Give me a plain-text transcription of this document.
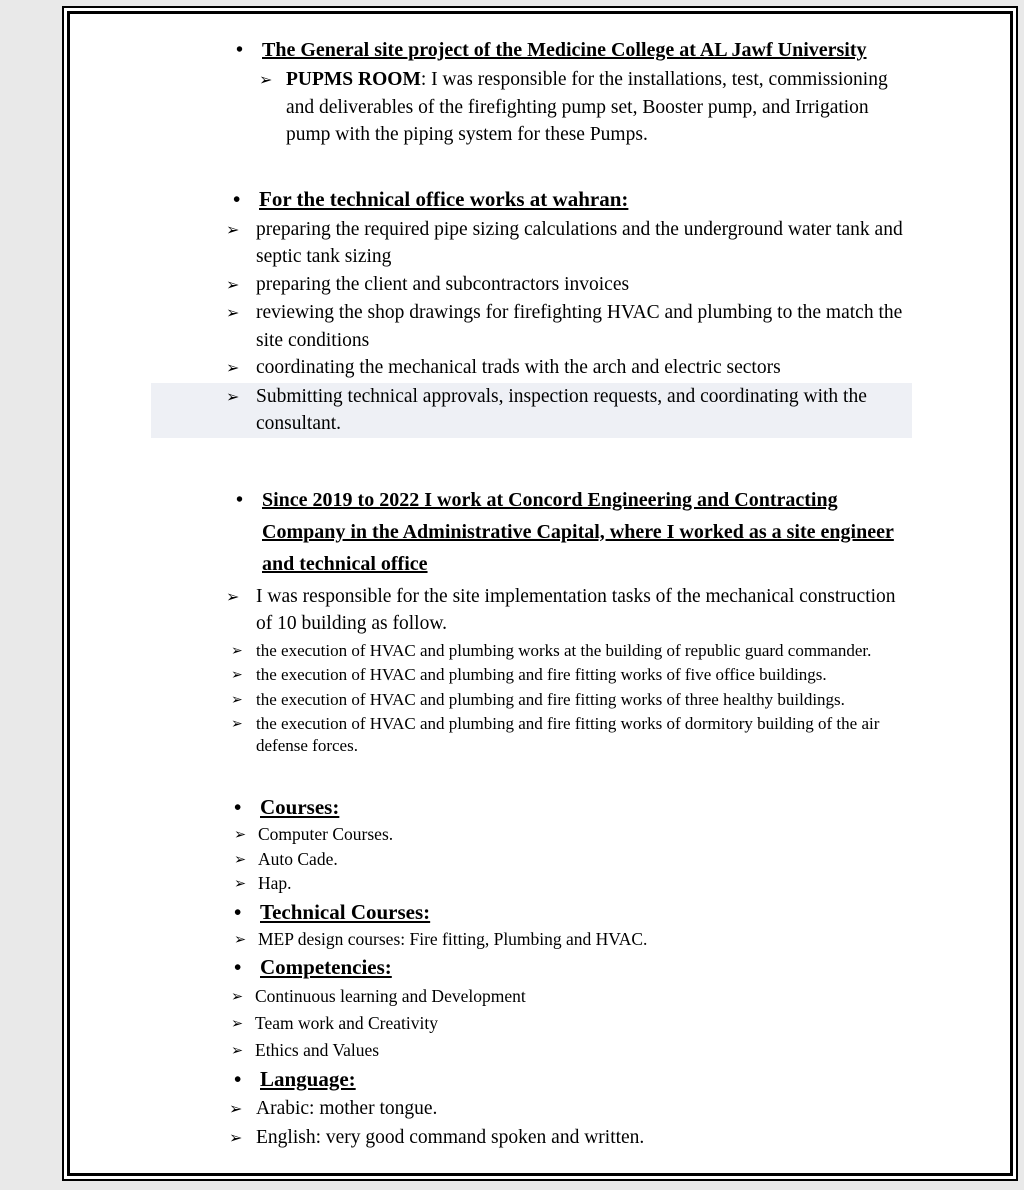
• The General site project of the Medicine College at AL Jawf University
➢ PUPMS ROOM: I was responsible for the installations, test, commissioning and deliverables of the firefighting pump set, Booster pump, and Irrigation pump with the piping system for these Pumps.
• For the technical office works at wahran:
➢ preparing the required pipe sizing calculations and the underground water tank and septic tank sizing
➢ preparing the client and subcontractors invoices
➢ reviewing the shop drawings for firefighting HVAC and plumbing to the match the site conditions
➢ coordinating the mechanical trads with the arch and electric sectors
➢ Submitting technical approvals, inspection requests, and coordinating with the consultant.
• Since 2019 to 2022 I work at Concord Engineering and Contracting Company in the Administrative Capital, where I worked as a site engineer and technical office
➢ I was responsible for the site implementation tasks of the mechanical construction of 10 building as follow.
➢ the execution of HVAC and plumbing works at the building of republic guard commander.
➢ the execution of HVAC and plumbing and fire fitting works of five office buildings.
➢ the execution of HVAC and plumbing and fire fitting works of three healthy buildings.
➢ the execution of HVAC and plumbing and fire fitting works of dormitory building of the air defense forces.
• Courses:
➢ Computer Courses.
➢ Auto Cade.
➢ Hap.
• Technical Courses:
➢ MEP design courses: Fire fitting, Plumbing and HVAC.
• Competencies:
➢ Continuous learning and Development
➢ Team work and Creativity
➢ Ethics and Values
• Language:
➢ Arabic: mother tongue.
➢ English: very good command spoken and written.
